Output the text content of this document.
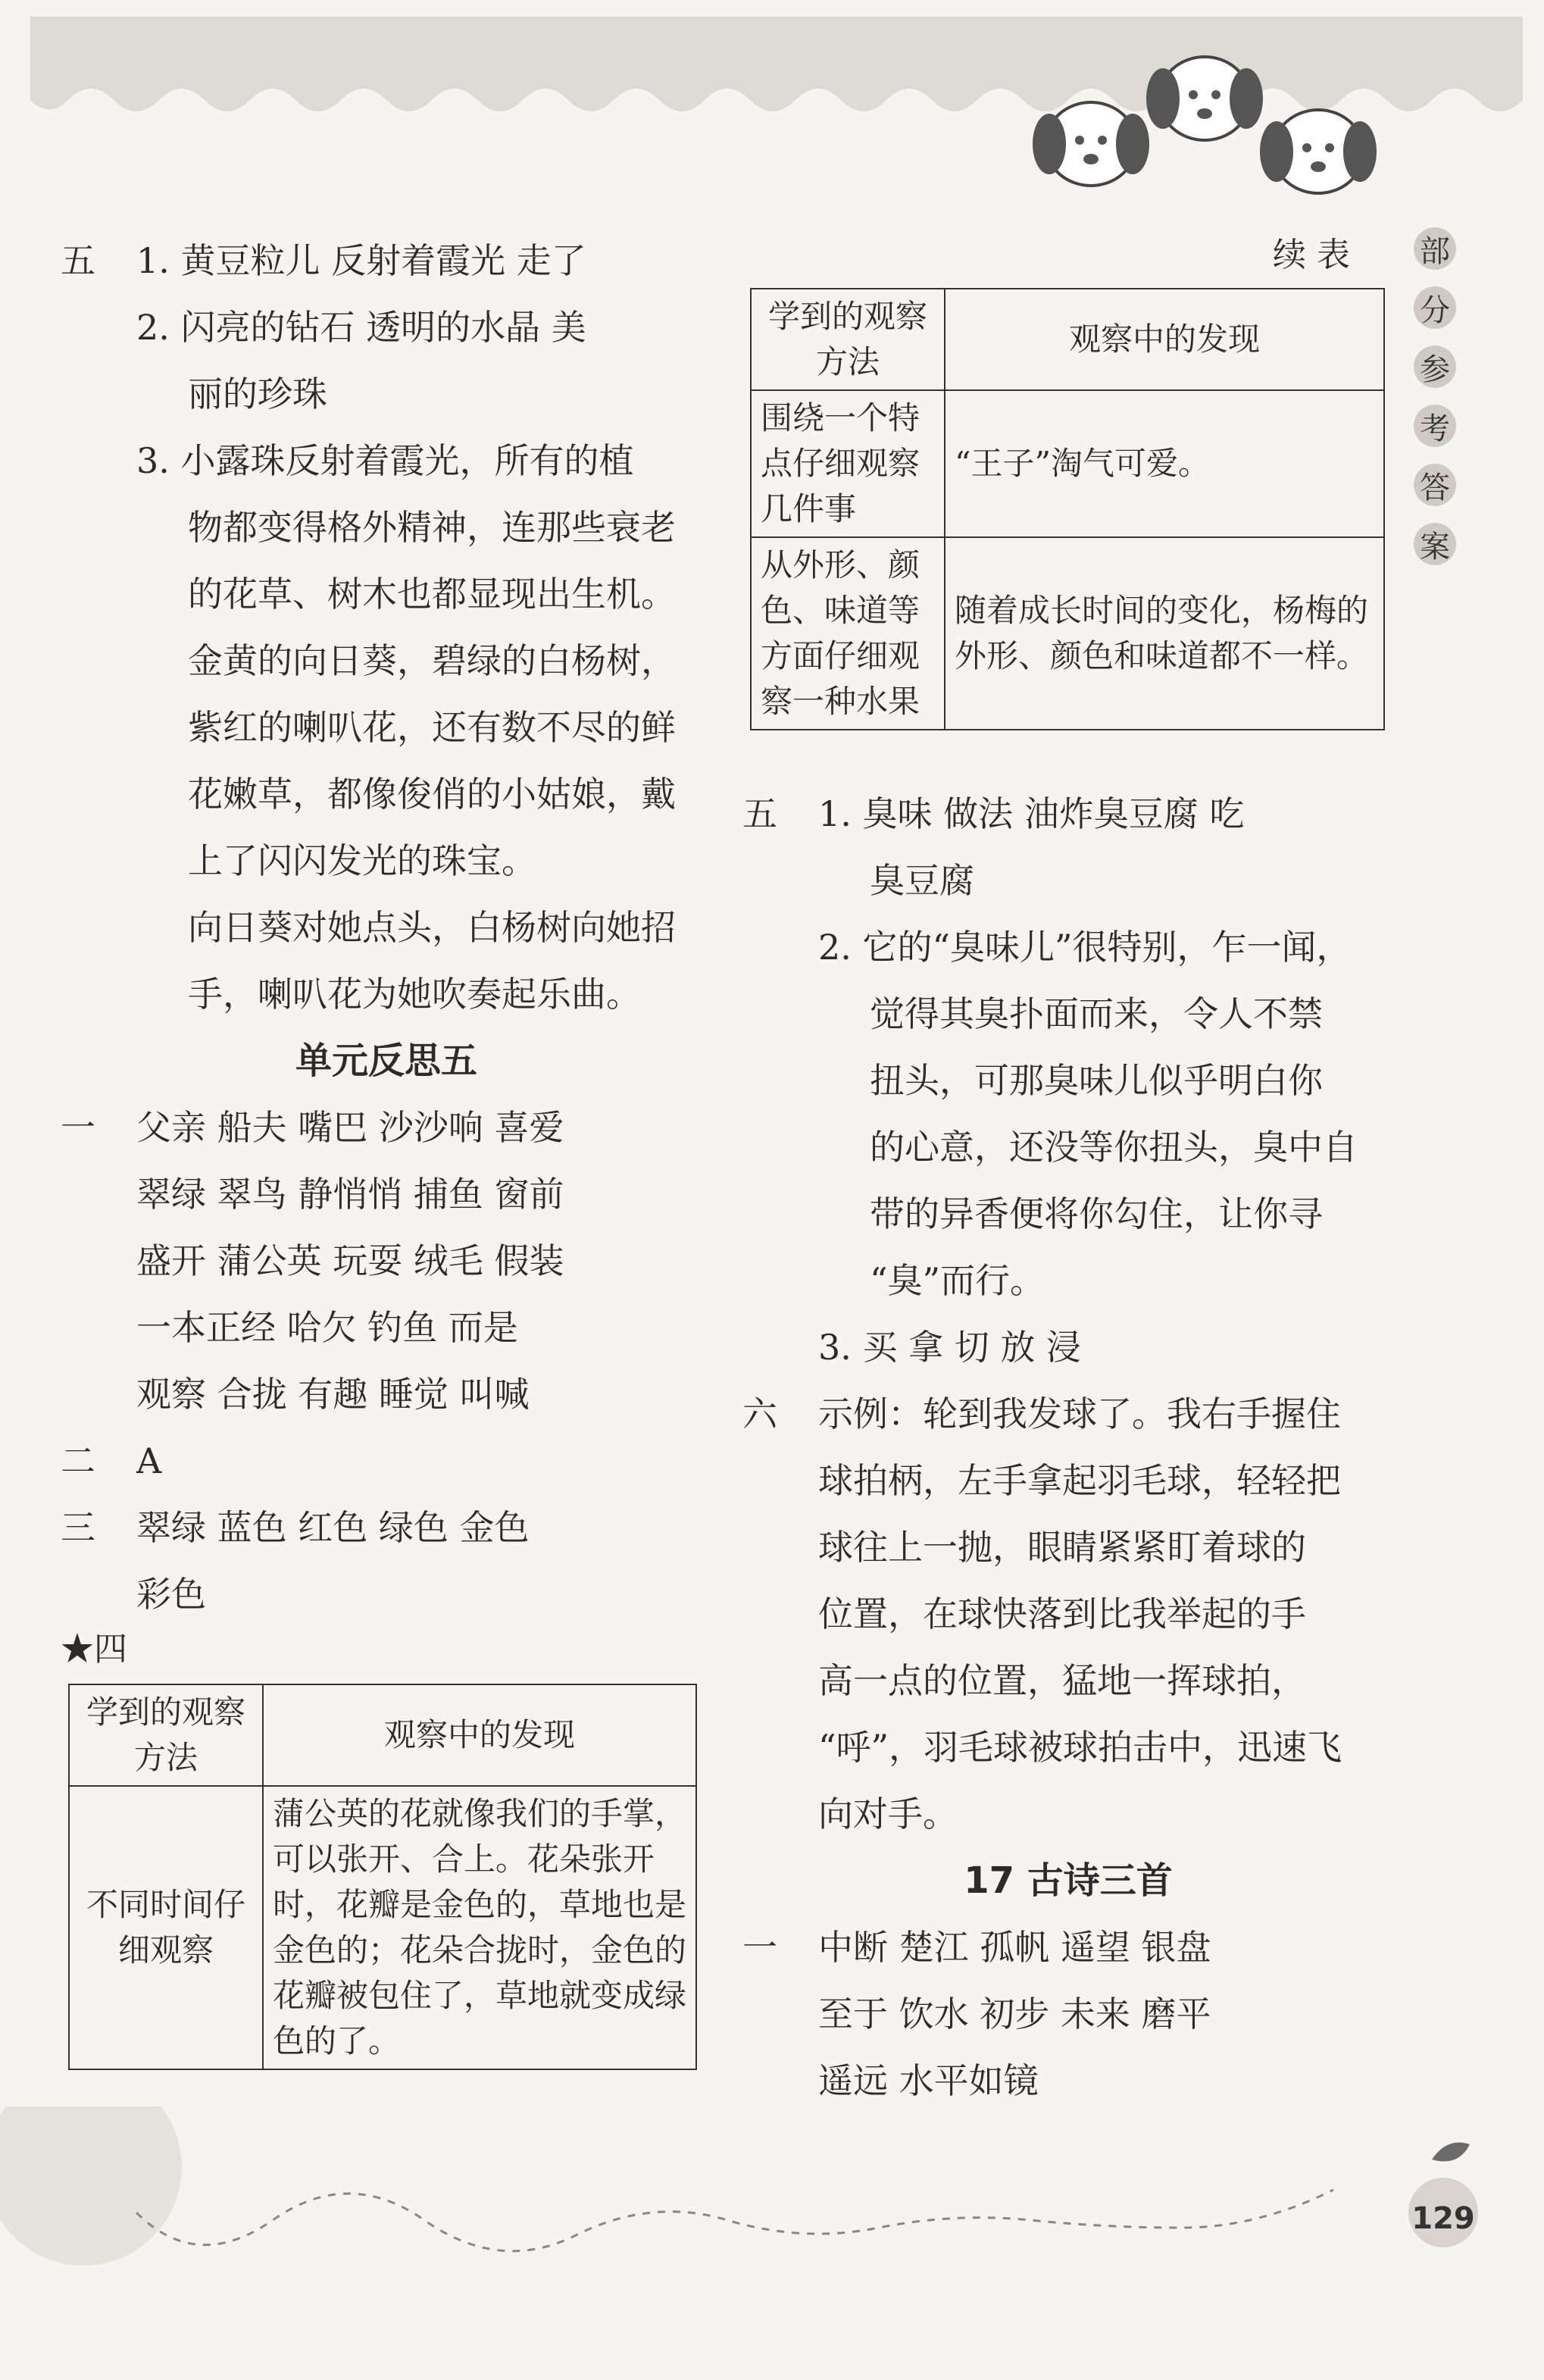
续 表 部
分
参
考
答
案
五	1. 黄豆粒儿 反射着霞光 走了
2. 闪亮的钻石 透明的水晶 美
丽的珍珠
3. 小露珠反射着霞光，所有的植
物都变得格外精神，连那些衰老
的花草、树木也都显现出生机。
金黄的向日葵，碧绿的白杨树，
紫红的喇叭花，还有数不尽的鲜
花嫩草，都像俊俏的小姑娘，戴
上了闪闪发光的珠宝。
向日葵对她点头，白杨树向她招
手，喇叭花为她吹奏起乐曲。
单元反思五
一	父亲 船夫 嘴巴 沙沙响 喜爱
翠绿 翠鸟 静悄悄 捕鱼 窗前
盛开 蒲公英 玩耍 绒毛 假装
一本正经 哈欠 钓鱼 而是
观察 合拢 有趣 睡觉 叫喊
二	A
三	翠绿 蓝色 红色 绿色 金色
彩色
★四
学到的观察方法	观察中的发现
不同时间仔细观察	蒲公英的花就像我们的手掌，可以张开、合上。花朵张开时，花瓣是金色的，草地也是金色的；花朵合拢时，金色的花瓣被包住了，草地就变成绿色的了。
学到的观察方法	观察中的发现
围绕一个特点仔细观察几件事	“王子”淘气可爱。
从外形、颜色、味道等方面仔细观察一种水果	随着成长时间的变化，杨梅的外形、颜色和味道都不一样。
五	1. 臭味 做法 油炸臭豆腐 吃
臭豆腐
2. 它的“臭味儿”很特别，乍一闻，
觉得其臭扑面而来，令人不禁
扭头，可那臭味儿似乎明白你
的心意，还没等你扭头，臭中自
带的异香便将你勾住，让你寻
“臭”而行。
3. 买 拿 切 放 浸
六	示例：轮到我发球了。我右手握住
球拍柄，左手拿起羽毛球，轻轻把
球往上一抛，眼睛紧紧盯着球的
位置，在球快落到比我举起的手
高一点的位置，猛地一挥球拍，
“呼”，羽毛球被球拍击中，迅速飞
向对手。
17 古诗三首
一	中断 楚江 孤帆 遥望 银盘
至于 饮水 初步 未来 磨平
遥远 水平如镜
129
